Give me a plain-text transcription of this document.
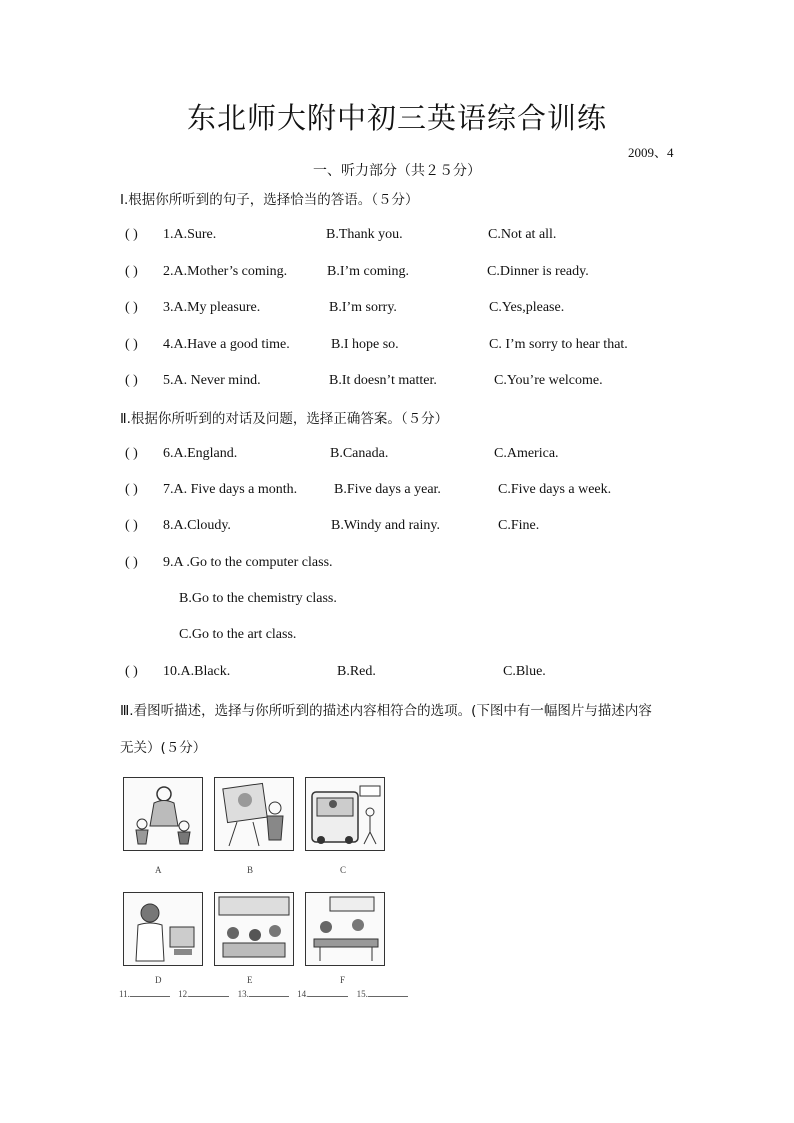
东北师大附中初三英语综合训练
2009、4
一、听力部分（共２５分）
Ⅰ.根据你所听到的句子，选择恰当的答语。（５分）
( ) 1.A.Sure.	B.Thank you.	C.Not at all.
( ) 2.A.Mother’s coming.	B.I’m coming.	C.Dinner is ready.
( ) 3.A.My pleasure.	B.I’m sorry.	C.Yes,please.
( ) 4.A.Have a good time.	B.I hope so.	C. I’m sorry to hear that.
( ) 5.A. Never mind.	B.It doesn’t matter.	C.You’re welcome.
Ⅱ.根据你所听到的对话及问题，选择正确答案。（５分）
( ) 6.A.England.	B.Canada.	C.America.
( ) 7.A. Five days a month.	B.Five days a year.	C.Five days a week.
( ) 8.A.Cloudy.	B.Windy and rainy.	C.Fine.
( ) 9.A .Go to the computer class.
B.Go to the chemistry class.
C.Go to the art class.
( ) 10.A.Black.	B.Red.	C.Blue.
Ⅲ.看图听描述，选择与你所听到的描述内容相符合的选项。(下图中有一幅图片与描述内容
无关）(５分）
A	B	C
D	E	F
11.	12.	13.	14.	15.
